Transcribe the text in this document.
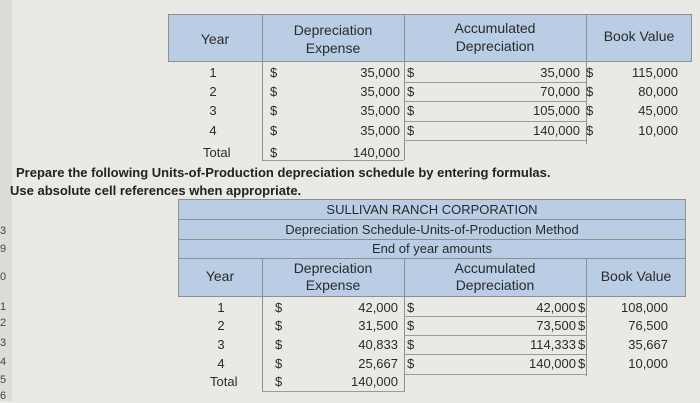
3
9
0
1
2
3
4
5
6
Year
Depreciation
Expense
Accumulated
Depreciation
Book Value
1	$	35,000 $	35,000 $	115,000
2	$	35,000 $	70,000 $	80,000
3	$	35,000 $	105,000 $	45,000
4	$	35,000 $	140,000 $	10,000
Total	$	140,000
Prepare the following Units-of-Production depreciation schedule by entering formulas.
Use absolute cell references when appropriate.
SULLIVAN RANCH CORPORATION
Depreciation Schedule-Units-of-Production Method
End of year amounts
Year	Depreciation
Expense
Accumulated
Depreciation
Book Value
1	$	42,000 $	42,000 $	108,000
2	$	31,500 $	73,500 $	76,500
3	$	40,833 $	114,333 $	35,667
4	$	25,667 $	140,000 $	10,000
Total	$	140,000
